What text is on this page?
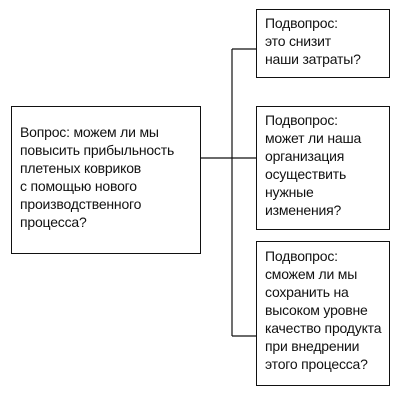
Вопрос: можем ли мы
повысить прибыльность
плетеных ковриков
с помощью нового
производственного
процесса?
Подвопрос:
это снизит
наши затраты?
Подвопрос:
может ли наша
организация
осуществить
нужные
изменения?
Подвопрос:
сможем ли мы
сохранить на
высоком уровне
качество продукта
при внедрении
этого процесса?
